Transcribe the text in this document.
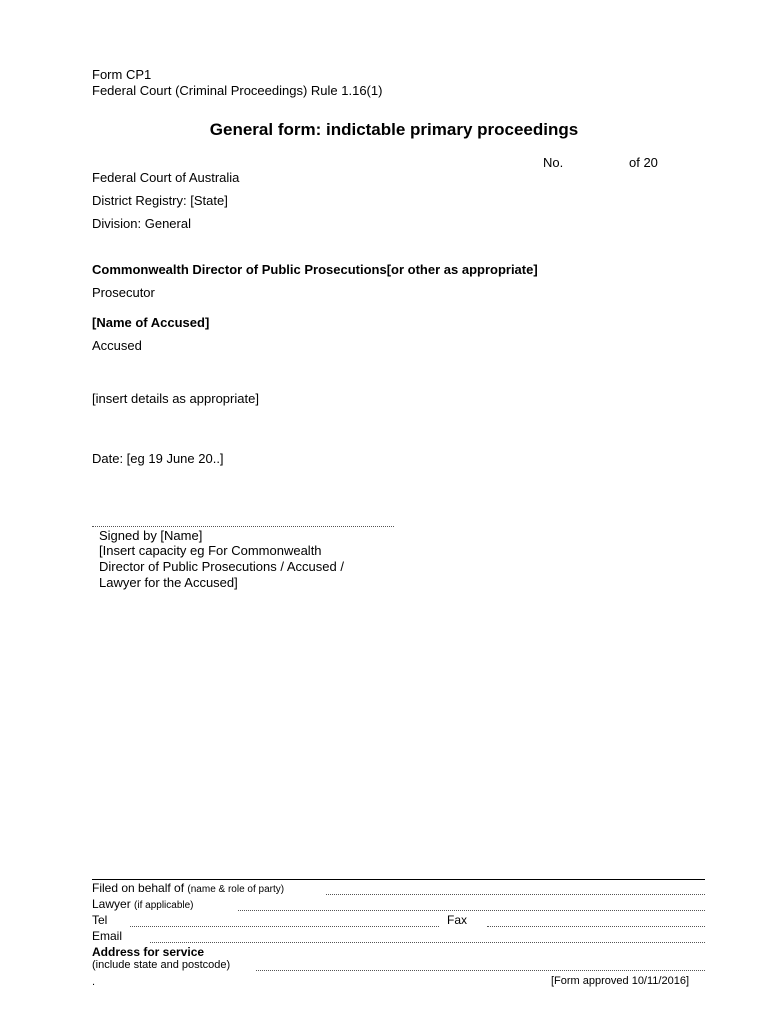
Form CP1
Federal Court (Criminal Proceedings) Rule 1.16(1)
General form: indictable primary proceedings
No.	of 20
Federal Court of Australia
District Registry: [State]
Division: General
Commonwealth Director of Public Prosecutions[or other as appropriate]
Prosecutor
[Name of Accused]
Accused
[insert details as appropriate]
Date: [eg 19 June 20..]
Signed by [Name]
[Insert capacity eg For Commonwealth
Director of Public Prosecutions / Accused /
Lawyer for the Accused]
Filed on behalf of (name & role of party)
Lawyer (if applicable)
Tel	Fax
Email
Address for service
(include state and postcode)
.	[Form approved 10/11/2016]
